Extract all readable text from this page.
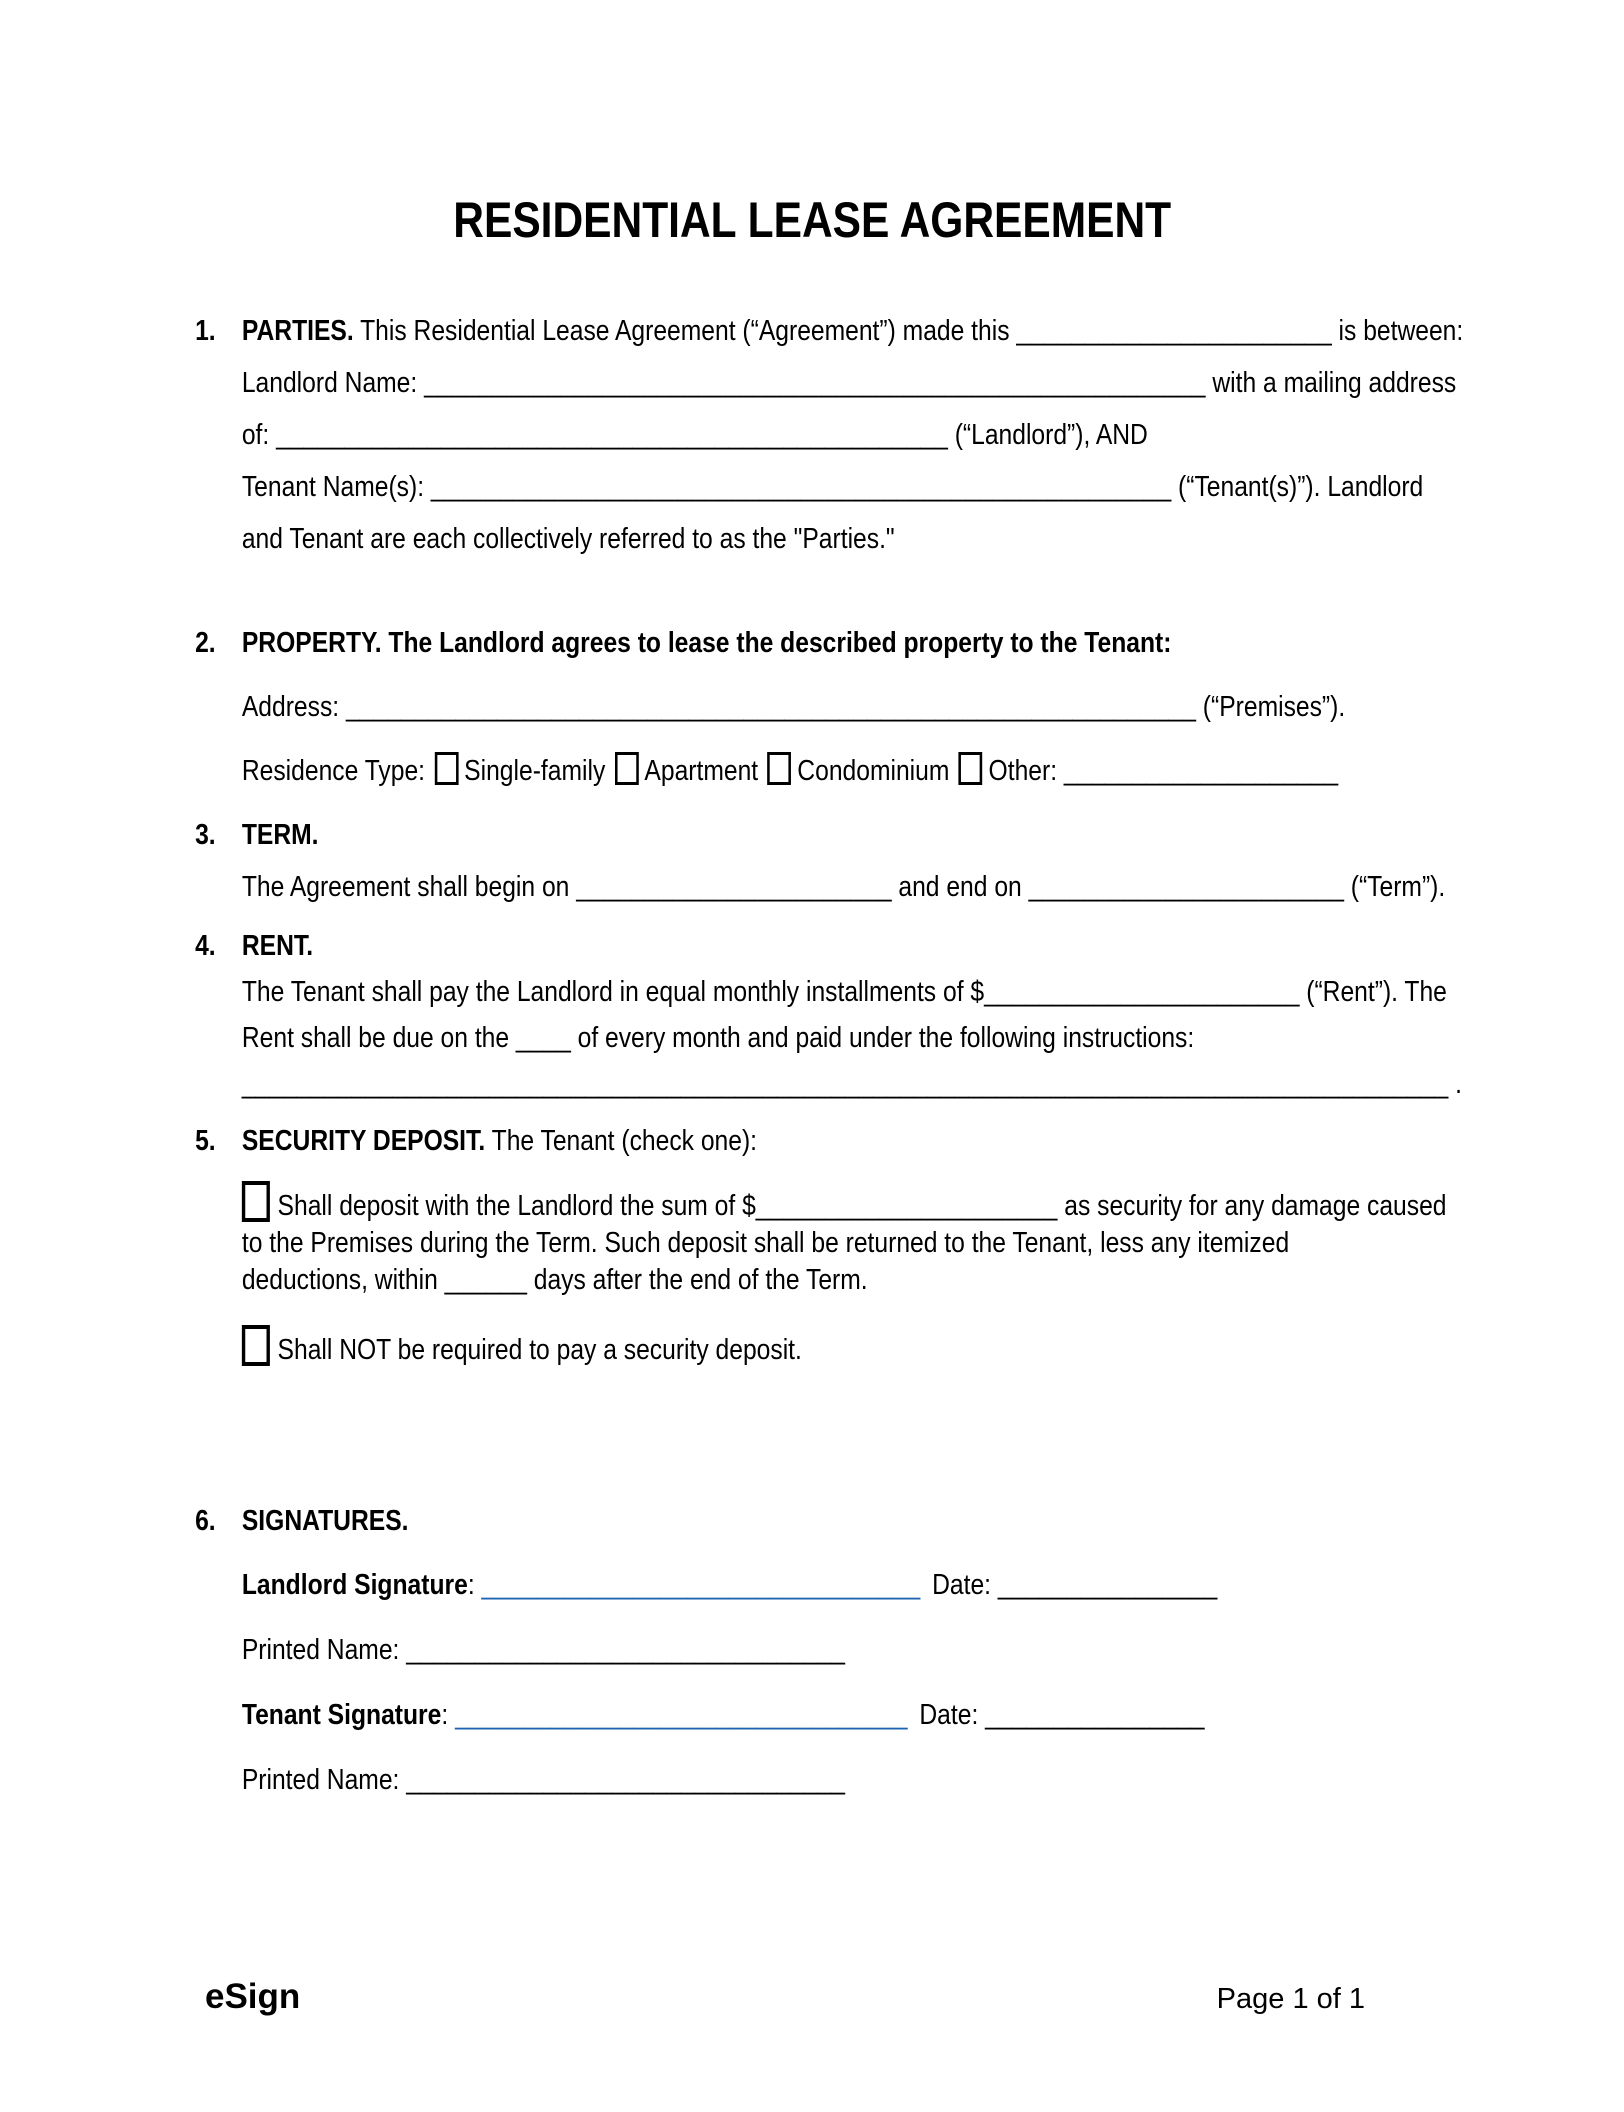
RESIDENTIAL LEASE AGREEMENT
1. PARTIES. This Residential Lease Agreement (“Agreement”) made this _______________________ is between:
Landlord Name: _________________________________________________________ with a mailing address
of: _________________________________________________ (“Landlord”), AND
Tenant Name(s): ______________________________________________________ (“Tenant(s)”). Landlord
and Tenant are each collectively referred to as the "Parties."
2. PROPERTY. The Landlord agrees to lease the described property to the Tenant:
Address: ______________________________________________________________ (“Premises”).
Residence Type: Single-family Apartment Condominium Other: ____________________
3. TERM.
The Agreement shall begin on _______________________ and end on _______________________ (“Term”).
4. RENT.
The Tenant shall pay the Landlord in equal monthly installments of $_______________________ (“Rent”). The
Rent shall be due on the ____ of every month and paid under the following instructions:
________________________________________________________________________________________ .
5. SECURITY DEPOSIT. The Tenant (check one):
Shall deposit with the Landlord the sum of $______________________ as security for any damage caused
to the Premises during the Term. Such deposit shall be returned to the Tenant, less any itemized
deductions, within ______ days after the end of the Term.
Shall NOT be required to pay a security deposit.
6. SIGNATURES.
Landlord Signature: ________________________________ Date: ________________
Printed Name: ________________________________
Tenant Signature: _________________________________ Date: ________________
Printed Name: ________________________________
eSign	Page 1 of 1
